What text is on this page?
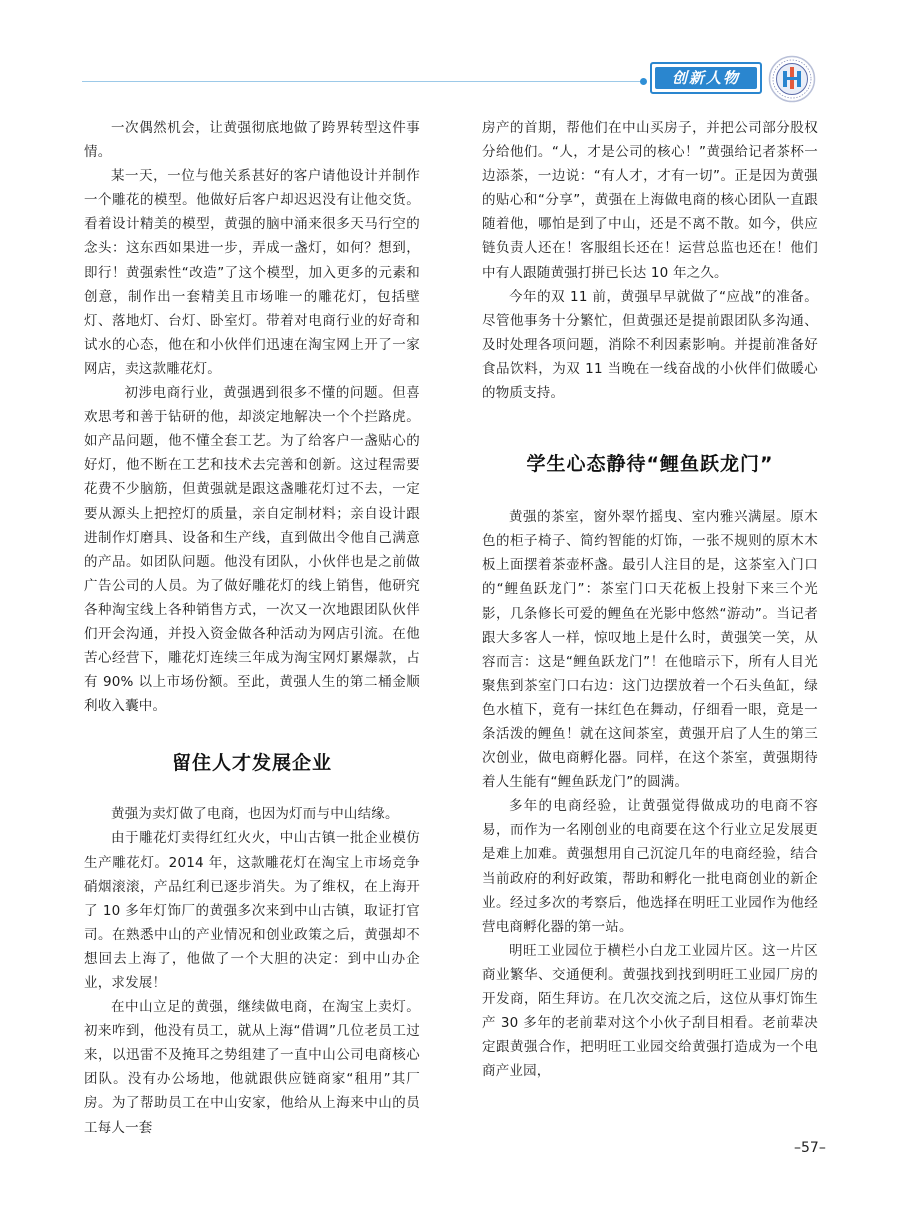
创新人物

一次偶然机会，让黄强彻底地做了跨界转型这件事情。

某一天，一位与他关系甚好的客户请他设计并制作一个雕花的模型。他做好后客户却迟迟没有让他交货。看着设计精美的模型，黄强的脑中涌来很多天马行空的念头：这东西如果进一步，弄成一盏灯，如何？想到，即行！黄强索性“改造”了这个模型，加入更多的元素和创意，制作出一套精美且市场唯一的雕花灯，包括壁灯、落地灯、台灯、卧室灯。带着对电商行业的好奇和试水的心态，他在和小伙伴们迅速在淘宝网上开了一家网店，卖这款雕花灯。

初涉电商行业，黄强遇到很多不懂的问题。但喜欢思考和善于钻研的他，却淡定地解决一个个拦路虎。如产品问题，他不懂全套工艺。为了给客户一盏贴心的好灯，他不断在工艺和技术去完善和创新。这过程需要花费不少脑筋，但黄强就是跟这盏雕花灯过不去，一定要从源头上把控灯的质量，亲自定制材料；亲自设计跟进制作灯磨具、设备和生产线，直到做出令他自己满意的产品。如团队问题。他没有团队，小伙伴也是之前做广告公司的人员。为了做好雕花灯的线上销售，他研究各种淘宝线上各种销售方式，一次又一次地跟团队伙伴们开会沟通，并投入资金做各种活动为网店引流。在他苦心经营下，雕花灯连续三年成为淘宝网灯累爆款，占有 90% 以上市场份额。至此，黄强人生的第二桶金顺利收入囊中。

留住人才发展企业

黄强为卖灯做了电商，也因为灯而与中山结缘。

由于雕花灯卖得红红火火，中山古镇一批企业模仿生产雕花灯。2014 年，这款雕花灯在淘宝上市场竞争硝烟滚滚，产品红利已逐步消失。为了维权，在上海开了 10 多年灯饰厂的黄强多次来到中山古镇，取证打官司。在熟悉中山的产业情况和创业政策之后，黄强却不想回去上海了，他做了一个大胆的决定：到中山办企业，求发展！

在中山立足的黄强，继续做电商，在淘宝上卖灯。初来咋到，他没有员工，就从上海“借调”几位老员工过来，以迅雷不及掩耳之势组建了一直中山公司电商核心团队。没有办公场地，他就跟供应链商家“租用”其厂房。为了帮助员工在中山安家，他给从上海来中山的员工每人一套

房产的首期，帮他们在中山买房子，并把公司部分股权分给他们。“人，才是公司的核心！”黄强给记者茶杯一边添茶，一边说：“有人才，才有一切”。正是因为黄强的贴心和“分享”，黄强在上海做电商的核心团队一直跟随着他，哪怕是到了中山，还是不离不散。如今，供应链负责人还在！客服组长还在！运营总监也还在！他们中有人跟随黄强打拼已长达 10 年之久。

今年的双 11 前，黄强早早就做了“应战”的准备。尽管他事务十分繁忙，但黄强还是提前跟团队多沟通、及时处理各项问题，消除不利因素影响。并提前准备好食品饮料，为双 11 当晚在一线奋战的小伙伴们做暖心的物质支持。

学生心态静待“鲤鱼跃龙门”

黄强的茶室，窗外翠竹摇曳、室内雅兴满屋。原木色的柜子椅子、简约智能的灯饰，一张不规则的原木木板上面摆着茶壶杯盏。最引人注目的是，这茶室入门口的“鲤鱼跃龙门”：茶室门口天花板上投射下来三个光影，几条修长可爱的鲤鱼在光影中悠然“游动”。当记者跟大多客人一样，惊叹地上是什么时，黄强笑一笑，从容而言：这是“鲤鱼跃龙门”！在他暗示下，所有人目光聚焦到茶室门口右边：这门边摆放着一个石头鱼缸，绿色水植下，竟有一抹红色在舞动，仔细看一眼，竟是一条活泼的鲤鱼！就在这间茶室，黄强开启了人生的第三次创业，做电商孵化器。同样，在这个茶室，黄强期待着人生能有“鲤鱼跃龙门”的圆满。

多年的电商经验，让黄强觉得做成功的电商不容易，而作为一名刚创业的电商要在这个行业立足发展更是难上加难。黄强想用自己沉淀几年的电商经验，结合当前政府的利好政策，帮助和孵化一批电商创业的新企业。经过多次的考察后，他选择在明旺工业园作为他经营电商孵化器的第一站。

明旺工业园位于横栏小白龙工业园片区。这一片区商业繁华、交通便利。黄强找到找到明旺工业园厂房的开发商，陌生拜访。在几次交流之后，这位从事灯饰生产 30 多年的老前辈对这个小伙子刮目相看。老前辈决定跟黄强合作，把明旺工业园交给黄强打造成为一个电商产业园，

–57–
